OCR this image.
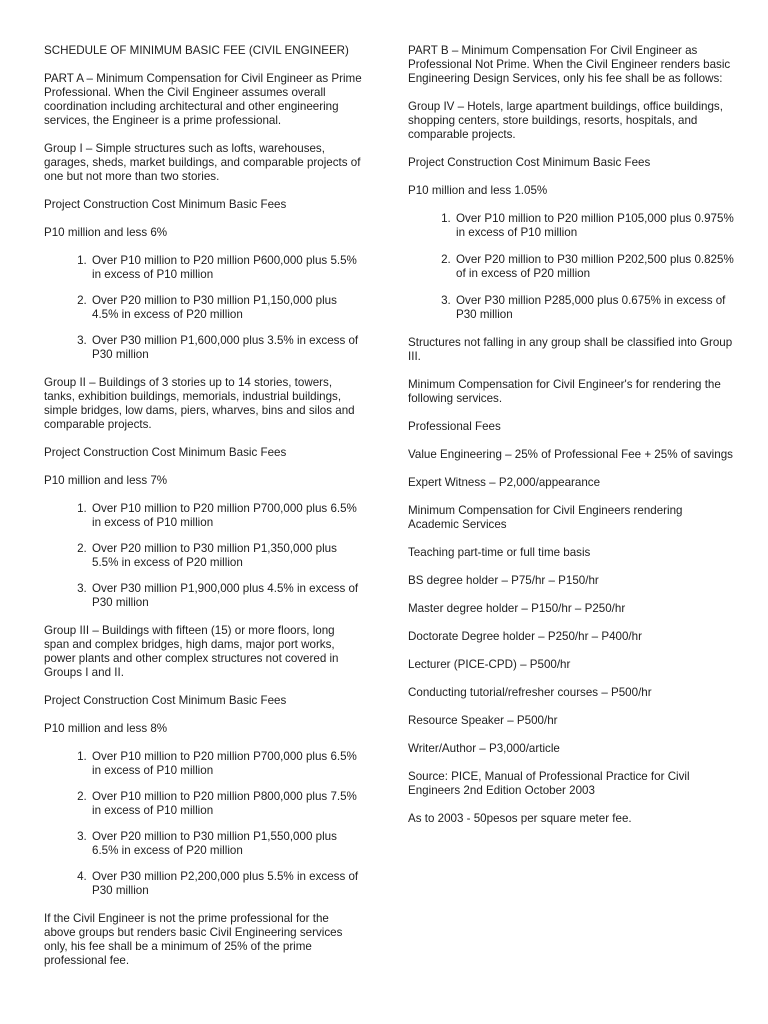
SCHEDULE OF MINIMUM BASIC FEE (CIVIL ENGINEER)

PART A – Minimum Compensation for Civil Engineer as Prime Professional. When the Civil Engineer assumes overall coordination including architectural and other engineering services, the Engineer is a prime professional.

Group I – Simple structures such as lofts, warehouses, garages, sheds, market buildings, and comparable projects of one but not more than two stories.

Project Construction Cost Minimum Basic Fees

P10 million and less 6%

1. Over P10 million to P20 million P600,000 plus 5.5% in excess of P10 million
2. Over P20 million to P30 million P1,150,000 plus 4.5% in excess of P20 million
3. Over P30 million P1,600,000 plus 3.5% in excess of P30 million

Group II – Buildings of 3 stories up to 14 stories, towers, tanks, exhibition buildings, memorials, industrial buildings, simple bridges, low dams, piers, wharves, bins and silos and comparable projects.

Project Construction Cost Minimum Basic Fees

P10 million and less 7%

1. Over P10 million to P20 million P700,000 plus 6.5% in excess of P10 million
2. Over P20 million to P30 million P1,350,000 plus 5.5% in excess of P20 million
3. Over P30 million P1,900,000 plus 4.5% in excess of P30 million

Group III – Buildings with fifteen (15) or more floors, long span and complex bridges, high dams, major port works, power plants and other complex structures not covered in Groups I and II.

Project Construction Cost Minimum Basic Fees

P10 million and less 8%

1. Over P10 million to P20 million P700,000 plus 6.5% in excess of P10 million
2. Over P10 million to P20 million P800,000 plus 7.5% in excess of P10 million
3. Over P20 million to P30 million P1,550,000 plus 6.5% in excess of P20 million
4. Over P30 million P2,200,000 plus 5.5% in excess of P30 million

If the Civil Engineer is not the prime professional for the above groups but renders basic Civil Engineering services only, his fee shall be a minimum of 25% of the prime professional fee.

PART B – Minimum Compensation For Civil Engineer as Professional Not Prime. When the Civil Engineer renders basic Engineering Design Services, only his fee shall be as follows:

Group IV – Hotels, large apartment buildings, office buildings, shopping centers, store buildings, resorts, hospitals, and comparable projects.

Project Construction Cost Minimum Basic Fees

P10 million and less 1.05%

1. Over P10 million to P20 million P105,000 plus 0.975% in excess of P10 million
2. Over P20 million to P30 million P202,500 plus 0.825% of in excess of P20 million
3. Over P30 million P285,000 plus 0.675% in excess of P30 million

Structures not falling in any group shall be classified into Group III.

Minimum Compensation for Civil Engineer's for rendering the following services.

Professional Fees

Value Engineering – 25% of Professional Fee + 25% of savings

Expert Witness – P2,000/appearance

Minimum Compensation for Civil Engineers rendering Academic Services

Teaching part-time or full time basis

BS degree holder – P75/hr – P150/hr

Master degree holder – P150/hr – P250/hr

Doctorate Degree holder – P250/hr – P400/hr

Lecturer (PICE-CPD) – P500/hr

Conducting tutorial/refresher courses – P500/hr

Resource Speaker – P500/hr

Writer/Author – P3,000/article

Source: PICE, Manual of Professional Practice for Civil Engineers 2nd Edition October 2003

As to 2003 - 50pesos per square meter fee.
